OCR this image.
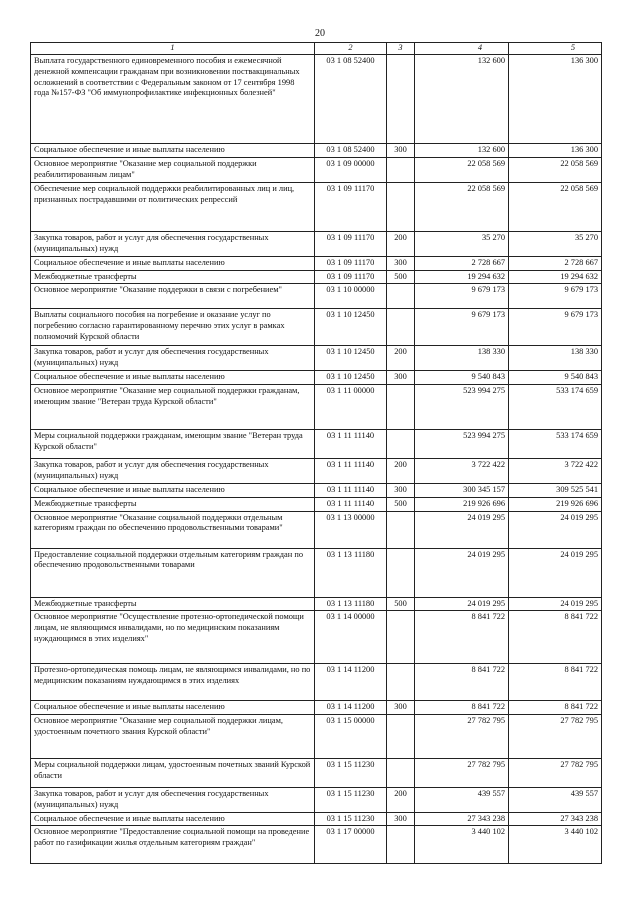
20
1	2	3	4	5
Выплата государственного единовременного пособия и ежемесячной денежной компенсации гражданам при возникновении поствакцинальных осложнений в соответствии с Федеральным законом от 17 сентября 1998 года №157-ФЗ "Об иммунопрофилактике инфекционных болезней"	03 1 08 52400		132 600	136 300
Социальное обеспечение и иные выплаты населению	03 1 08 52400	300	132 600	136 300
Основное мероприятие "Оказание мер социальной поддержки реабилитированным лицам"	03 1 09 00000		22 058 569	22 058 569
Обеспечение мер социальной поддержки реабилитированных лиц и лиц, признанных пострадавшими от политических репрессий	03 1 09 11170		22 058 569	22 058 569
Закупка товаров, работ и услуг для обеспечения государственных (муниципальных) нужд	03 1 09 11170	200	35 270	35 270
Социальное обеспечение и иные выплаты населению	03 1 09 11170	300	2 728 667	2 728 667
Межбюджетные трансферты	03 1 09 11170	500	19 294 632	19 294 632
Основное мероприятие "Оказание поддержки в связи с погребением"	03 1 10 00000		9 679 173	9 679 173
Выплаты социального пособия на погребение и оказание услуг по погребению согласно гарантированному перечню этих услуг в рамках полномочий Курской области	03 1 10 12450		9 679 173	9 679 173
Закупка товаров, работ и услуг для обеспечения государственных (муниципальных) нужд	03 1 10 12450	200	138 330	138 330
Социальное обеспечение и иные выплаты населению	03 1 10 12450	300	9 540 843	9 540 843
Основное мероприятие "Оказание мер социальной поддержки гражданам, имеющим звание "Ветеран труда Курской области"	03 1 11 00000		523 994 275	533 174 659
Меры социальной поддержки гражданам, имеющим звание "Ветеран труда Курской области"	03 1 11 11140		523 994 275	533 174 659
Закупка товаров, работ и услуг для обеспечения государственных (муниципальных) нужд	03 1 11 11140	200	3 722 422	3 722 422
Социальное обеспечение и иные выплаты населению	03 1 11 11140	300	300 345 157	309 525 541
Межбюджетные трансферты	03 1 11 11140	500	219 926 696	219 926 696
Основное мероприятие "Оказание социальной поддержки отдельным категориям граждан по обеспечению продовольственными товарами"	03 1 13 00000		24 019 295	24 019 295
Предоставление социальной поддержки отдельным категориям граждан по обеспечению продовольственными товарами	03 1 13 11180		24 019 295	24 019 295
Межбюджетные трансферты	03 1 13 11180	500	24 019 295	24 019 295
Основное мероприятие "Осуществление протезно-ортопедической помощи лицам, не являющимся инвалидами, но по медицинским показаниям нуждающимся в этих изделиях"	03 1 14 00000		8 841 722	8 841 722
Протезно-ортопедическая помощь лицам, не являющимся инвалидами, но по медицинским показаниям нуждающимся в этих изделиях	03 1 14 11200		8 841 722	8 841 722
Социальное обеспечение и иные выплаты населению	03 1 14 11200	300	8 841 722	8 841 722
Основное мероприятие "Оказание мер социальной поддержки лицам, удостоенным почетного звания Курской области"	03 1 15 00000		27 782 795	27 782 795
Меры социальной поддержки лицам, удостоенным почетных званий Курской области	03 1 15 11230		27 782 795	27 782 795
Закупка товаров, работ и услуг для обеспечения государственных (муниципальных) нужд	03 1 15 11230	200	439 557	439 557
Социальное обеспечение и иные выплаты населению	03 1 15 11230	300	27 343 238	27 343 238
Основное мероприятие "Предоставление социальной помощи на проведение работ по газификации жилья отдельным категориям граждан"	03 1 17 00000		3 440 102	3 440 102
